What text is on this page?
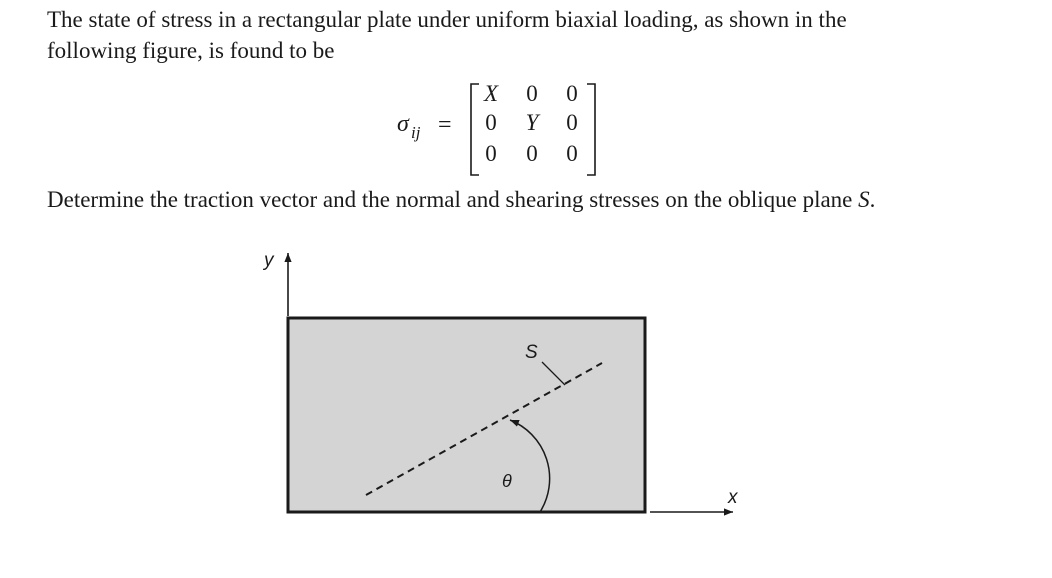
The state of stress in a rectangular plate under uniform biaxial loading, as shown in the
following figure, is found to be

σ ij =
X 0 0
0 Y 0
0 0 0

Determine the traction vector and the normal and shearing stresses on the oblique plane S.

y
x
S
θ
